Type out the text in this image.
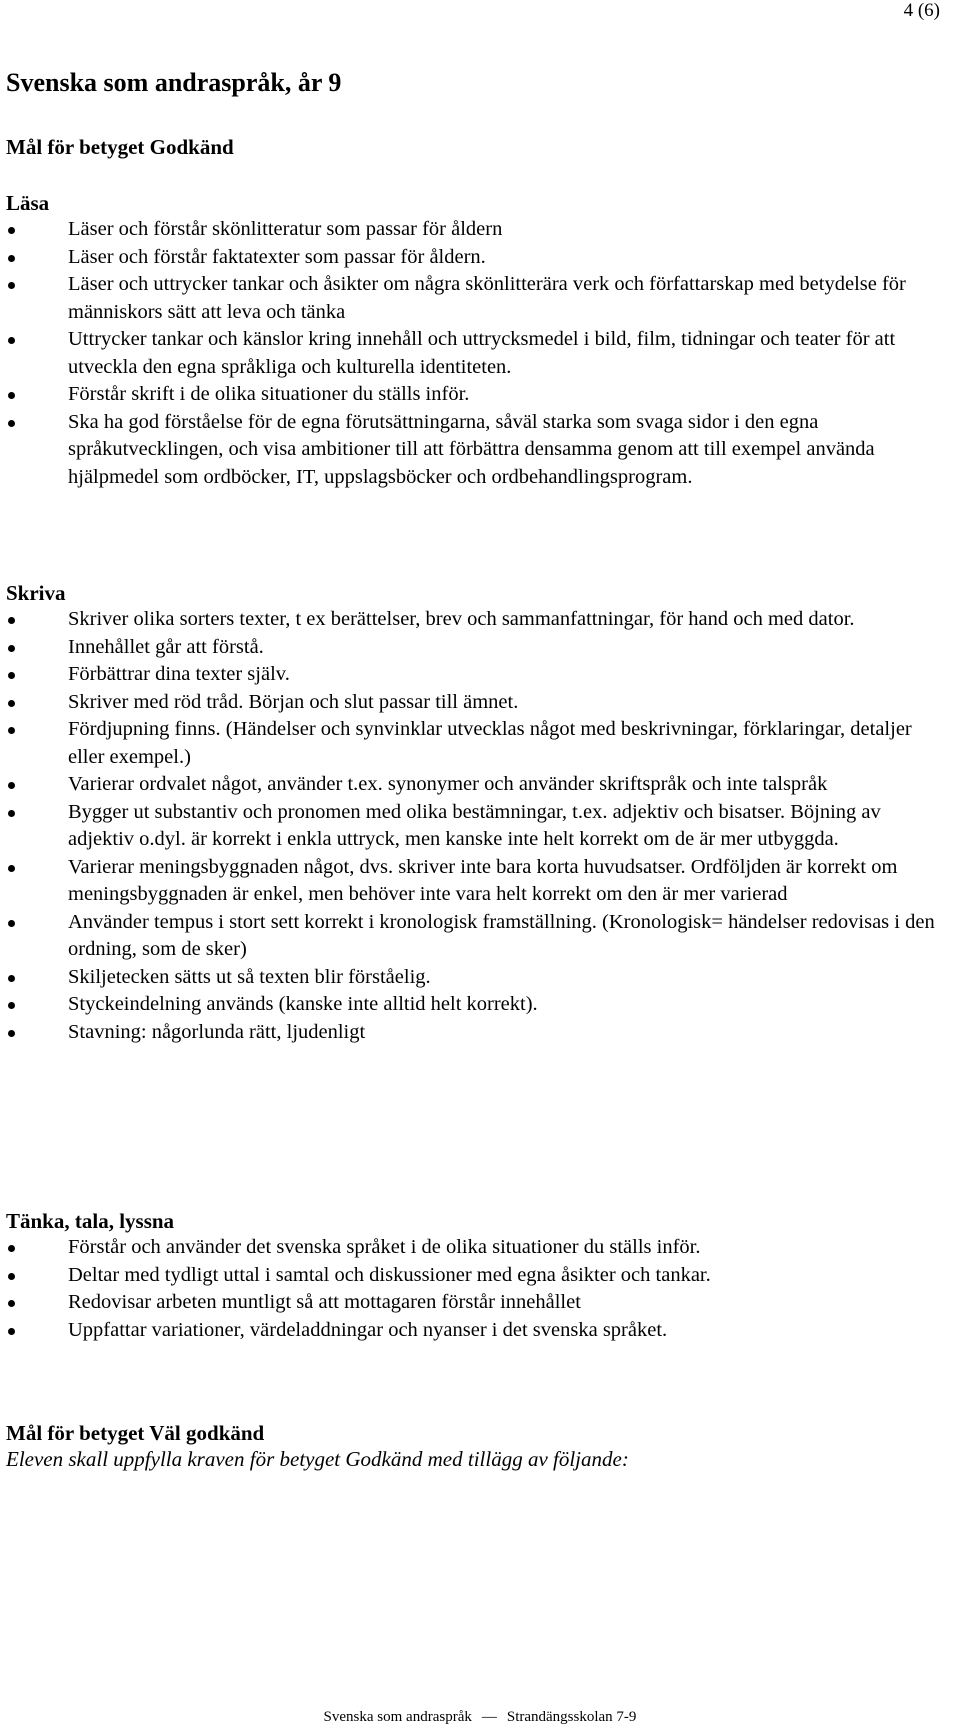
4 (6)
Svenska som andraspråk, år 9
Mål för betyget Godkänd
Läsa
Läser och förstår skönlitteratur som passar för åldern
Läser och förstår faktatexter som passar för åldern.
Läser och uttrycker tankar och åsikter om några skönlitterära verk och författarskap med betydelse för människors sätt att leva och tänka
Uttrycker tankar och känslor kring innehåll och uttrycksmedel i bild, film, tidningar och teater för att utveckla den egna språkliga och kulturella identiteten.
Förstår skrift i de olika situationer du ställs inför.
Ska ha god förståelse för de egna förutsättningarna, såväl starka som svaga sidor i den egna språkutvecklingen, och visa ambitioner till att förbättra densamma genom att till exempel använda hjälpmedel som ordböcker, IT, uppslagsböcker och ordbehandlingsprogram.
Skriva
Skriver olika sorters texter, t ex berättelser, brev och sammanfattningar, för hand och med dator.
Innehållet går att förstå.
Förbättrar dina texter själv.
Skriver med röd tråd. Början och slut passar till ämnet.
Fördjupning finns. (Händelser och synvinklar utvecklas något med beskrivningar, förklaringar, detaljer eller exempel.)
Varierar ordvalet något, använder t.ex. synonymer och använder skriftspråk och inte talspråk
Bygger ut substantiv och pronomen med olika bestämningar, t.ex. adjektiv och bisatser. Böjning av adjektiv o.dyl. är korrekt i enkla uttryck, men kanske inte helt korrekt om de är mer utbyggda.
Varierar meningsbyggnaden något, dvs. skriver inte bara korta huvudsatser. Ordföljden är korrekt om meningsbyggnaden är enkel, men behöver inte vara helt korrekt om den är mer varierad
Använder tempus i stort sett korrekt i kronologisk framställning. (Kronologisk= händelser redovisas i den ordning, som de sker)
Skiljetecken sätts ut så texten blir förståelig.
Styckeindelning används (kanske inte alltid helt korrekt).
Stavning: någorlunda rätt, ljudenligt
Tänka, tala, lyssna
Förstår och använder det svenska språket i de olika situationer du ställs inför.
Deltar med tydligt uttal i samtal och diskussioner med egna åsikter och tankar.
Redovisar arbeten muntligt så att mottagaren förstår innehållet
Uppfattar variationer, värdeladdningar och nyanser i det svenska språket.
Mål för betyget Väl godkänd
Eleven skall uppfylla kraven för betyget Godkänd med tillägg av följande:
Svenska som andraspråk — Strandängsskolan 7-9
